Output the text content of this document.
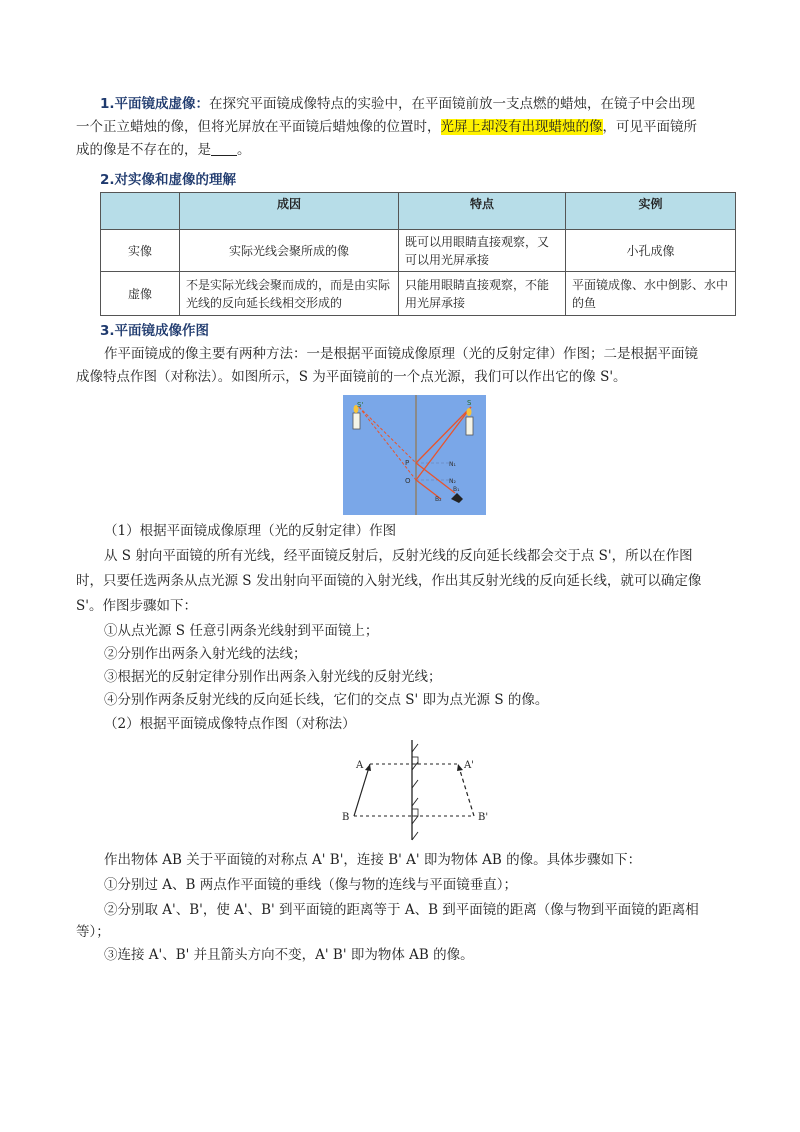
1.平面镜成虚像：在探究平面镜成像特点的实验中，在平面镜前放一支点燃的蜡烛，在镜子中会出现
一个正立蜡烛的像，但将光屏放在平面镜后蜡烛像的位置时，光屏上却没有出现蜡烛的像，可见平面镜所
成的像是不存在的，是 。
2.对实像和虚像的理解
	成因	特点	实例
实像	实际光线会聚所成的像	既可以用眼睛直接观察，又可以用光屏承接	小孔成像
虚像	不是实际光线会聚而成的，而是由实际光线的反向延长线相交形成的	只能用眼睛直接观察，不能用光屏承接	平面镜成像、水中倒影、水中的鱼
3.平面镜成像作图
作平面镜成的像主要有两种方法：一是根据平面镜成像原理（光的反射定律）作图；二是根据平面镜
成像特点作图（对称法）。如图所示，S 为平面镜前的一个点光源，我们可以作出它的像 S'。
S'	S
P
O
N₁
N₂
B₁
B₂
（1）根据平面镜成像原理（光的反射定律）作图
从 S 射向平面镜的所有光线，经平面镜反射后，反射光线的反向延长线都会交于点 S'，所以在作图
时，只要任选两条从点光源 S 发出射向平面镜的入射光线，作出其反射光线的反向延长线，就可以确定像
S'。作图步骤如下：
①从点光源 S 任意引两条光线射到平面镜上；
②分别作出两条入射光线的法线；
③根据光的反射定律分别作出两条入射光线的反射光线；
④分别作两条反射光线的反向延长线，它们的交点 S' 即为点光源 S 的像。
（2）根据平面镜成像特点作图（对称法）
A
B
A'
B'
作出物体 AB 关于平面镜的对称点 A' B'，连接 B' A' 即为物体 AB 的像。具体步骤如下：
①分别过 A、B 两点作平面镜的垂线（像与物的连线与平面镜垂直）；
②分别取 A'、B'，使 A'、B' 到平面镜的距离等于 A、B 到平面镜的距离（像与物到平面镜的距离相
等）；
③连接 A'、B' 并且箭头方向不变，A' B' 即为物体 AB 的像。
